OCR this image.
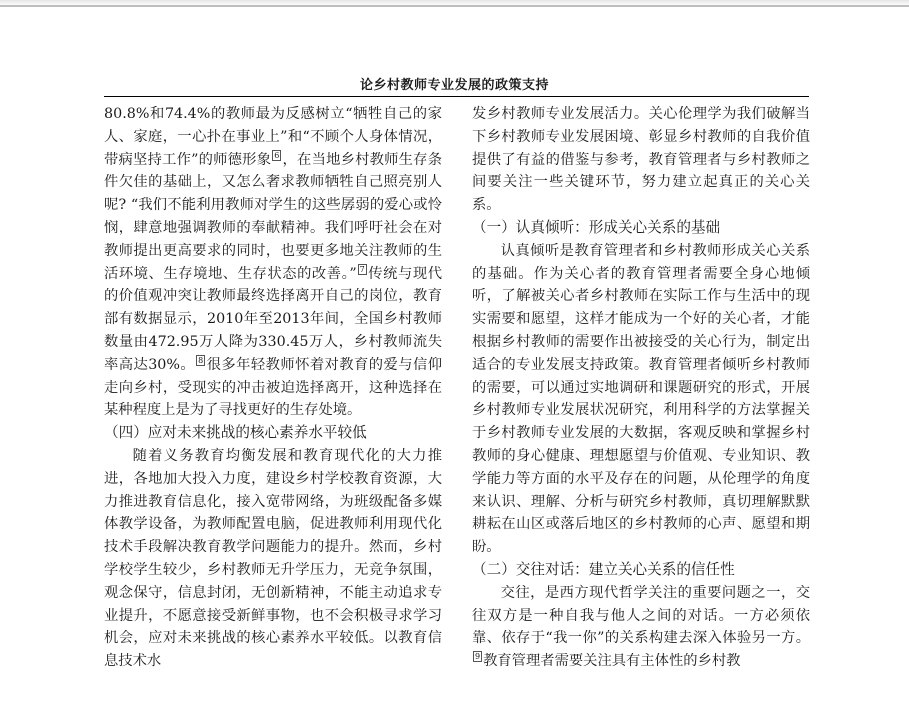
论乡村教师专业发展的政策支持

80.8%和74.4%的教师最为反感树立“牺牲自己的家人、家庭，一心扑在事业上”和“不顾个人身体情况，带病坚持工作”的师德形象 $^6$ ，在当地乡村教师生存条件欠佳的基础上，又怎么奢求教师牺牲自己照亮别人呢? “我们不能利用教师对学生的这些孱弱的爱心或怜悯，肆意地强调教师的奉献精神。我们呼吁社会在对教师提出更高要求的同时，也要更多地关注教师的生活环境、生存境地、生存状态的改善。” $^7$ 传统与现代的价值观冲突让教师最终选择离开自己的岗位，教育部有数据显示，2010年至2013年间，全国乡村教师数量由472.95万人降为330.45万人，乡村教师流失率高达30%。 $^8$ 很多年轻教师怀着对教育的爱与信仰走向乡村，受现实的冲击被迫选择离开，这种选择在某种程度上是为了寻找更好的生存处境。

（四）应对未来挑战的核心素养水平较低

随着义务教育均衡发展和教育现代化的大力推进，各地加大投入力度，建设乡村学校教育资源，大力推进教育信息化，接入宽带网络，为班级配备多媒体教学设备，为教师配置电脑，促进教师利用现代化技术手段解决教育教学问题能力的提升。然而，乡村学校学生较少，乡村教师无升学压力，无竞争氛围，观念保守，信息封闭，无创新精神，不能主动追求专业提升，不愿意接受新鲜事物，也不会积极寻求学习机会，应对未来挑战的核心素养水平较低。以教育信息技术水

发乡村教师专业发展活力。关心伦理学为我们破解当下乡村教师专业发展困境、彰显乡村教师的自我价值提供了有益的借鉴与参考，教育管理者与乡村教师之间要关注一些关键环节，努力建立起真正的关心关系。

（一）认真倾听：形成关心关系的基础

认真倾听是教育管理者和乡村教师形成关心关系的基础。作为关心者的教育管理者需要全身心地倾听，了解被关心者乡村教师在实际工作与生活中的现实需要和愿望，这样才能成为一个好的关心者，才能根据乡村教师的需要作出被接受的关心行为，制定出适合的专业发展支持政策。教育管理者倾听乡村教师的需要，可以通过实地调研和课题研究的形式，开展乡村教师专业发展状况研究，利用科学的方法掌握关于乡村教师专业发展的大数据，客观反映和掌握乡村教师的身心健康、理想愿望与价值观、专业知识、教学能力等方面的水平及存在的问题，从伦理学的角度来认识、理解、分析与研究乡村教师，真切理解默默耕耘在山区或落后地区的乡村教师的心声、愿望和期盼。

（二）交往对话：建立关心关系的信任性

交往，是西方现代哲学关注的重要问题之一，交往双方是一种自我与他人之间的对话。一方必须依靠、依存于“我一你”的关系构建去深入体验另一方。$^9$ 教育管理者需要关注具有主体性的乡村教
